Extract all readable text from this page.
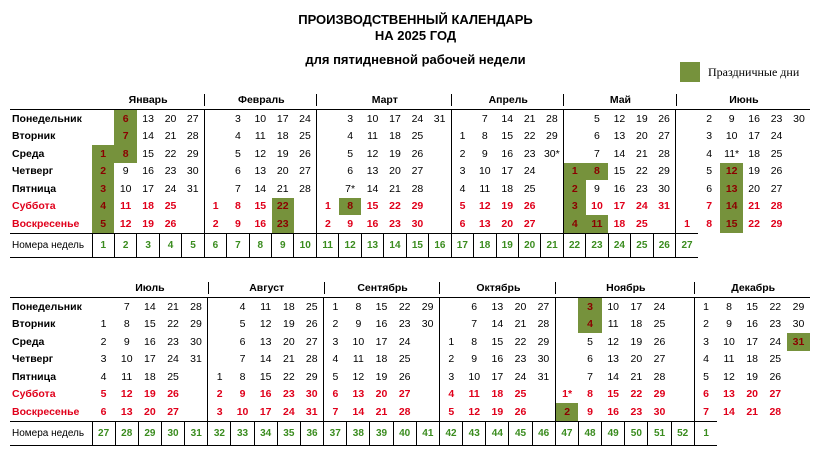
ПРОИЗВОДСТВЕННЫЙ КАЛЕНДАРЬ
НА 2025 ГОД
для пятидневной рабочей недели
Праздничные дни
	Январь					Февраль					Март						Апрель					Май					Июнь					
Понедельник		6	13	20	27		3	10	17	24		3	10	17	24	31		7	14	21	28		5	12	19	26		2	9	16	23	30
Вторник		7	14	21	28		4	11	18	25		4	11	18	25		1	8	15	22	29		6	13	20	27		3	10	17	24	
Среда	1	8	15	22	29		5	12	19	26		5	12	19	26		2	9	16	23	30*		7	14	21	28		4	11*	18	25	
Четверг	2	9	16	23	30		6	13	20	27		6	13	20	27		3	10	17	24		1	8	15	22	29		5	12	19	26	
Пятница	3	10	17	24	31		7	14	21	28		7*	14	21	28		4	11	18	25		2	9	16	23	30		6	13	20	27	
Суббота	4	11	18	25		1	8	15	22		1	8	15	22	29		5	12	19	26		3	10	17	24	31		7	14	21	28	
Воскресенье	5	12	19	26		2	9	16	23		2	9	16	23	30		6	13	20	27		4	11	18	25		1	8	15	22	29	
Номера недель	1	2	3	4	5	6	7	8	9	10	11	12	13	14	15	16	17	18	19	20	21	22	23	24	25	26	27					
	Июль					Август					Сентябрь					Октябрь					Ноябрь						Декабрь				
Понедельник		7	14	21	28		4	11	18	25	1	8	15	22	29		6	13	20	27		3	10	17	24		1	8	15	22	29
Вторник	1	8	15	22	29		5	12	19	26	2	9	16	23	30		7	14	21	28		4	11	18	25		2	9	16	23	30
Среда	2	9	16	23	30		6	13	20	27	3	10	17	24		1	8	15	22	29		5	12	19	26		3	10	17	24	31
Четверг	3	10	17	24	31		7	14	21	28	4	11	18	25		2	9	16	23	30		6	13	20	27		4	11	18	25	
Пятница	4	11	18	25		1	8	15	22	29	5	12	19	26		3	10	17	24	31		7	14	21	28		5	12	19	26	
Суббота	5	12	19	26		2	9	16	23	30	6	13	20	27		4	11	18	25		1*	8	15	22	29		6	13	20	27	
Воскресенье	6	13	20	27		3	10	17	24	31	7	14	21	28		5	12	19	26		2	9	16	23	30		7	14	21	28	
Номера недель	27	28	29	30	31	32	33	34	35	36	37	38	39	40	41	42	43	44	45	46	47	48	49	50	51	52	1				
